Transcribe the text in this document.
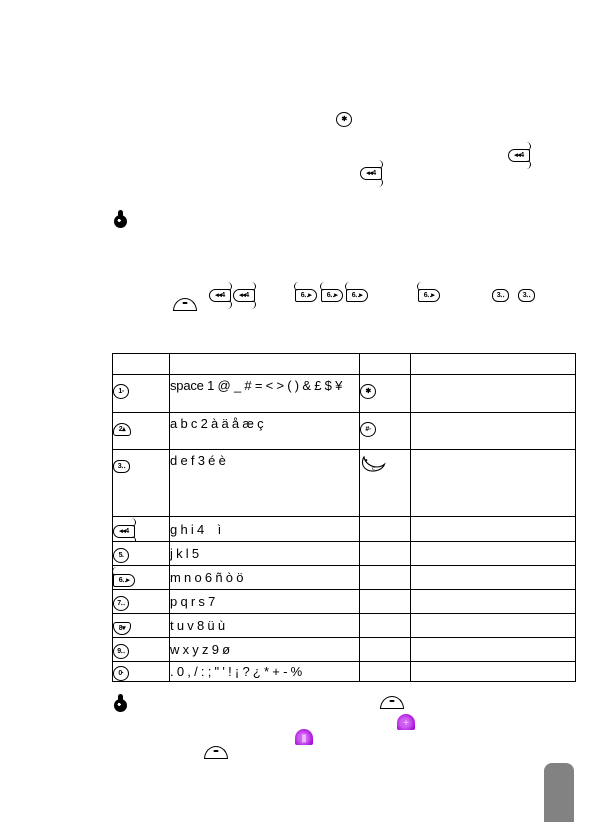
✱
◂◂4
◂◂4
◂◂4	◂◂4	6‥▸	6‥▸	6‥▸	6‥▸	3‥	3‥
+
▮

1▫	space 1 @ _ # = < > ( ) & £ $ ¥	✱	
2▴	a b c 2 à ä å æ ç	#◦	
3‥	d e f 3 é è	c	

◂◂4	g h i 4    ì		
5.	j k l 5		
6‥▸	m n o 6 ñ ò ö		
7‥	p q r s 7		
8▾	t u v 8 ü ù		
9‥	w x y z 9 ø		
0·	. 0 , / : ; " ' ! ¡ ? ¿ * + - %		
